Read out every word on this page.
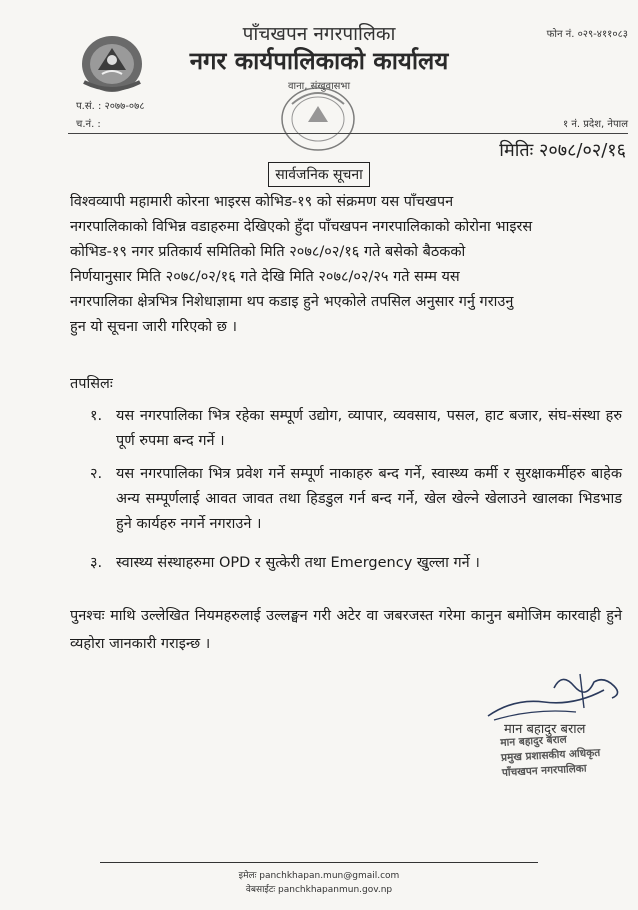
पाँचखपन नगरपालिका
नगर कार्यपालिकाको कार्यालय
वाना, संखुवासभा
फोन नं. ०२९-४११०८३
प.सं. : २०७७-०७८
च.नं. :	१ नं. प्रदेश, नेपाल
मितिः २०७८/०२/१६
सार्वजनिक सूचना

विश्वव्यापी महामारी कोरना भाइरस कोभिड-१९ को संक्रमण यस पाँचखपन

नगरपालिकाको विभिन्न वडाहरुमा देखिएको हुँदा पाँचखपन नगरपालिकाको कोरोना भाइरस

कोभिड-१९ नगर प्रतिकार्य समितिको मिति २०७८/०२/१६ गते बसेको बैठकको

निर्णयानुसार मिति २०७८/०२/१६ गते देखि मिति २०७८/०२/२५ गते सम्म यस

नगरपालिका क्षेत्रभित्र निशेधाज्ञामा थप कडाइ हुने भएकोले तपसिल अनुसार गर्नु गराउनु

हुन यो सूचना जारी गरिएको छ ।

तपसिलः
१. यस नगरपालिका भित्र रहेका सम्पूर्ण उद्योग, व्यापार, व्यवसाय, पसल, हाट बजार, संघ-संस्था हरु पूर्ण रुपमा बन्द गर्ने ।
२. यस नगरपालिका भित्र प्रवेश गर्ने सम्पूर्ण नाकाहरु बन्द गर्ने, स्वास्थ्य कर्मी र सुरक्षाकर्मीहरु बाहेक अन्य सम्पूर्णलाई आवत जावत तथा हिडडुल गर्न बन्द गर्ने, खेल खेल्ने खेलाउने खालका भिडभाड हुने कार्यहरु नगर्ने नगराउने ।
३. स्वास्थ्य संस्थाहरुमा OPD र सुत्केरी तथा Emergency खुल्ला गर्ने ।
पुनश्चः माथि उल्लेखित नियमहरुलाई उल्लङ्घन गरी अटेर वा जबरजस्त गरेमा कानुन बमोजिम कारवाही हुने व्यहोरा जानकारी गराइन्छ ।
मान बहादुर बराल
मान बहादुर बराल
प्रमुख प्रशासकीय अधिकृत
पाँचखपन नगरपालिका
इमेलः panchkhapan.mun@gmail.com
वेबसाईटः panchkhapanmun.gov.np
